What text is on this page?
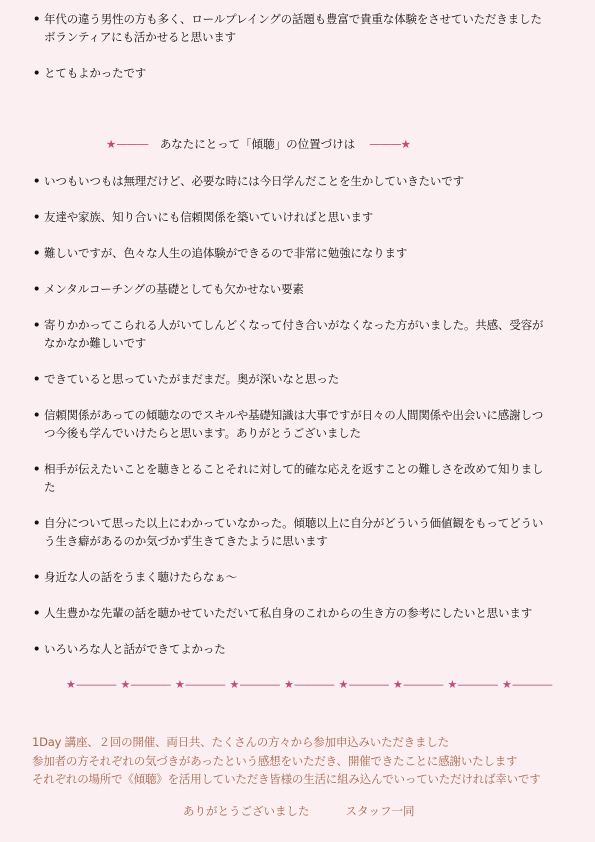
• 年代の違う男性の方も多く、ロールプレイングの話題も豊富で貴重な体験をさせていただきました
ボランティアにも活かせると思います
• とてもよかったです
★——— あなたにとって「傾聴」の位置づけは ———★
• いつもいつもは無理だけど、必要な時には今日学んだことを生かしていきたいです
• 友達や家族、知り合いにも信頼関係を築いていければと思います
• 難しいですが、色々な人生の追体験ができるので非常に勉強になります
• メンタルコーチングの基礎としても欠かせない要素
• 寄りかかってこられる人がいてしんどくなって付き合いがなくなった方がいました。共感、受容が
なかなか難しいです
• できていると思っていたがまだまだ。奥が深いなと思った
• 信頼関係があっての傾聴なのでスキルや基礎知識は大事ですが日々の人間関係や出会いに感謝しつ
つ今後も学んでいけたらと思います。ありがとうございました
• 相手が伝えたいことを聴きとることそれに対して的確な応えを返すことの難しさを改めて知りまし
た
• 自分について思った以上にわかっていなかった。傾聴以上に自分がどういう価値観をもってどうい
う生き癖があるのか気づかず生きてきたように思います
• 身近な人の話をうまく聴けたらなぁ〜
• 人生豊かな先輩の話を聴かせていただいて私自身のこれからの生き方の参考にしたいと思います
• いろいろな人と話ができてよかった
★———— ★———— ★———— ★———— ★———— ★———— ★———— ★———— ★————
1Day 講座、２回の開催、両日共、たくさんの方々から参加申込みいただきました
参加者の方それぞれの気づきがあったという感想をいただき、開催できたことに感謝いたします
それぞれの場所で《傾聴》を活用していただき皆様の生活に組み込んでいっていただければ幸いです
ありがとうございました	スタッフ一同
